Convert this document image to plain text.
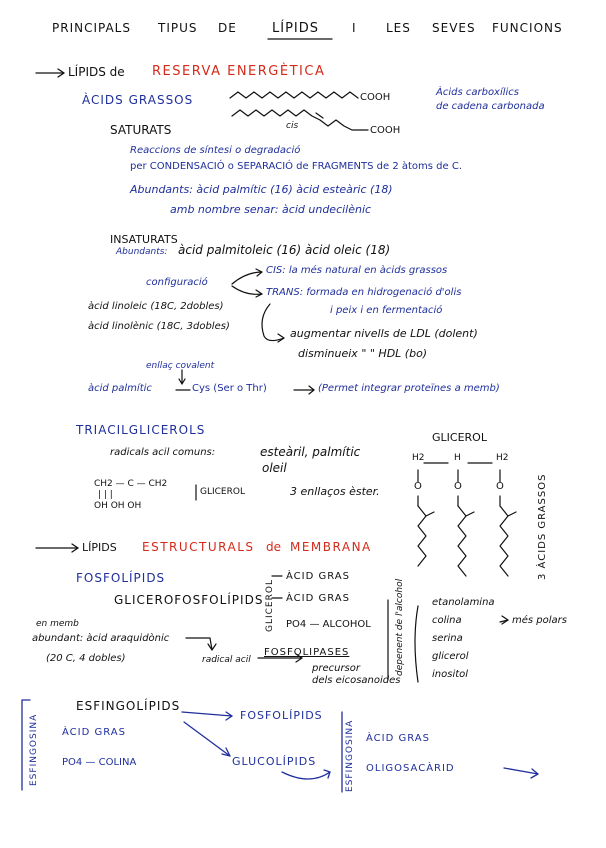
PRINCIPALS TIPUS DE	LÍPIDS	I	LES SEVES FUNCIONS
LÍPIDS de RESERVA ENERGÈTICA
ÀCIDS GRASSOS	COOH
cis	COOH
Àcids carboxílics
de cadena carbonada
SATURATS
Reaccions de síntesi o degradació
per CONDENSACIÓ o SEPARACIÓ de FRAGMENTS de 2 àtoms de C.
Abundants: àcid palmític (16) àcid esteàric (18)
amb nombre senar: àcid undecilènic
INSATURATS
Abundants: àcid palmitoleic (16) àcid oleic (18)
configuració
CIS: la més natural en àcids grassos
TRANS: formada en hidrogenació d'olis
i peix i en fermentació
àcid linoleic (18C, 2dobles)
àcid linolènic (18C, 3dobles)
augmentar nivells de LDL (dolent)
disminueix " " HDL (bo)
enllaç covalent
àcid palmític	Cys (Ser o Thr)	(Permet integrar proteïnes a memb)
TRIACILGLICEROLS
radicals acil comuns:	esteàril, palmític
oleil
CH2 — C — CH2
| | |
OH OH OH
GLICEROL	3 enllaços èster.
GLICEROL
H2	H	H2
O	O	O	3 ÀCIDS GRASSOS
LÍPIDS ESTRUCTURALS de MEMBRANA
FOSFOLÍPIDS
GLICEROFOSFOLÍPIDS GLICEROL
ÀCID GRAS
ÀCID GRAS
PO4 — ALCOHOL	depenent de l'alcohol	etanolamina
colina	més polars
serina
glicerol
inositol
en memb
abundant: àcid araquidònic
(20 C, 4 dobles)	radical acil
FOSFOLIPASES
precursor
dels eicosanoides
ESFINGOLÍPIDS
ESFINGOSINA ÀCID GRAS
PO4 — COLINA
FOSFOLÍPIDS
GLUCOLÍPIDS	ESFINGOSINA ÀCID GRAS
OLIGOSACÀRID
